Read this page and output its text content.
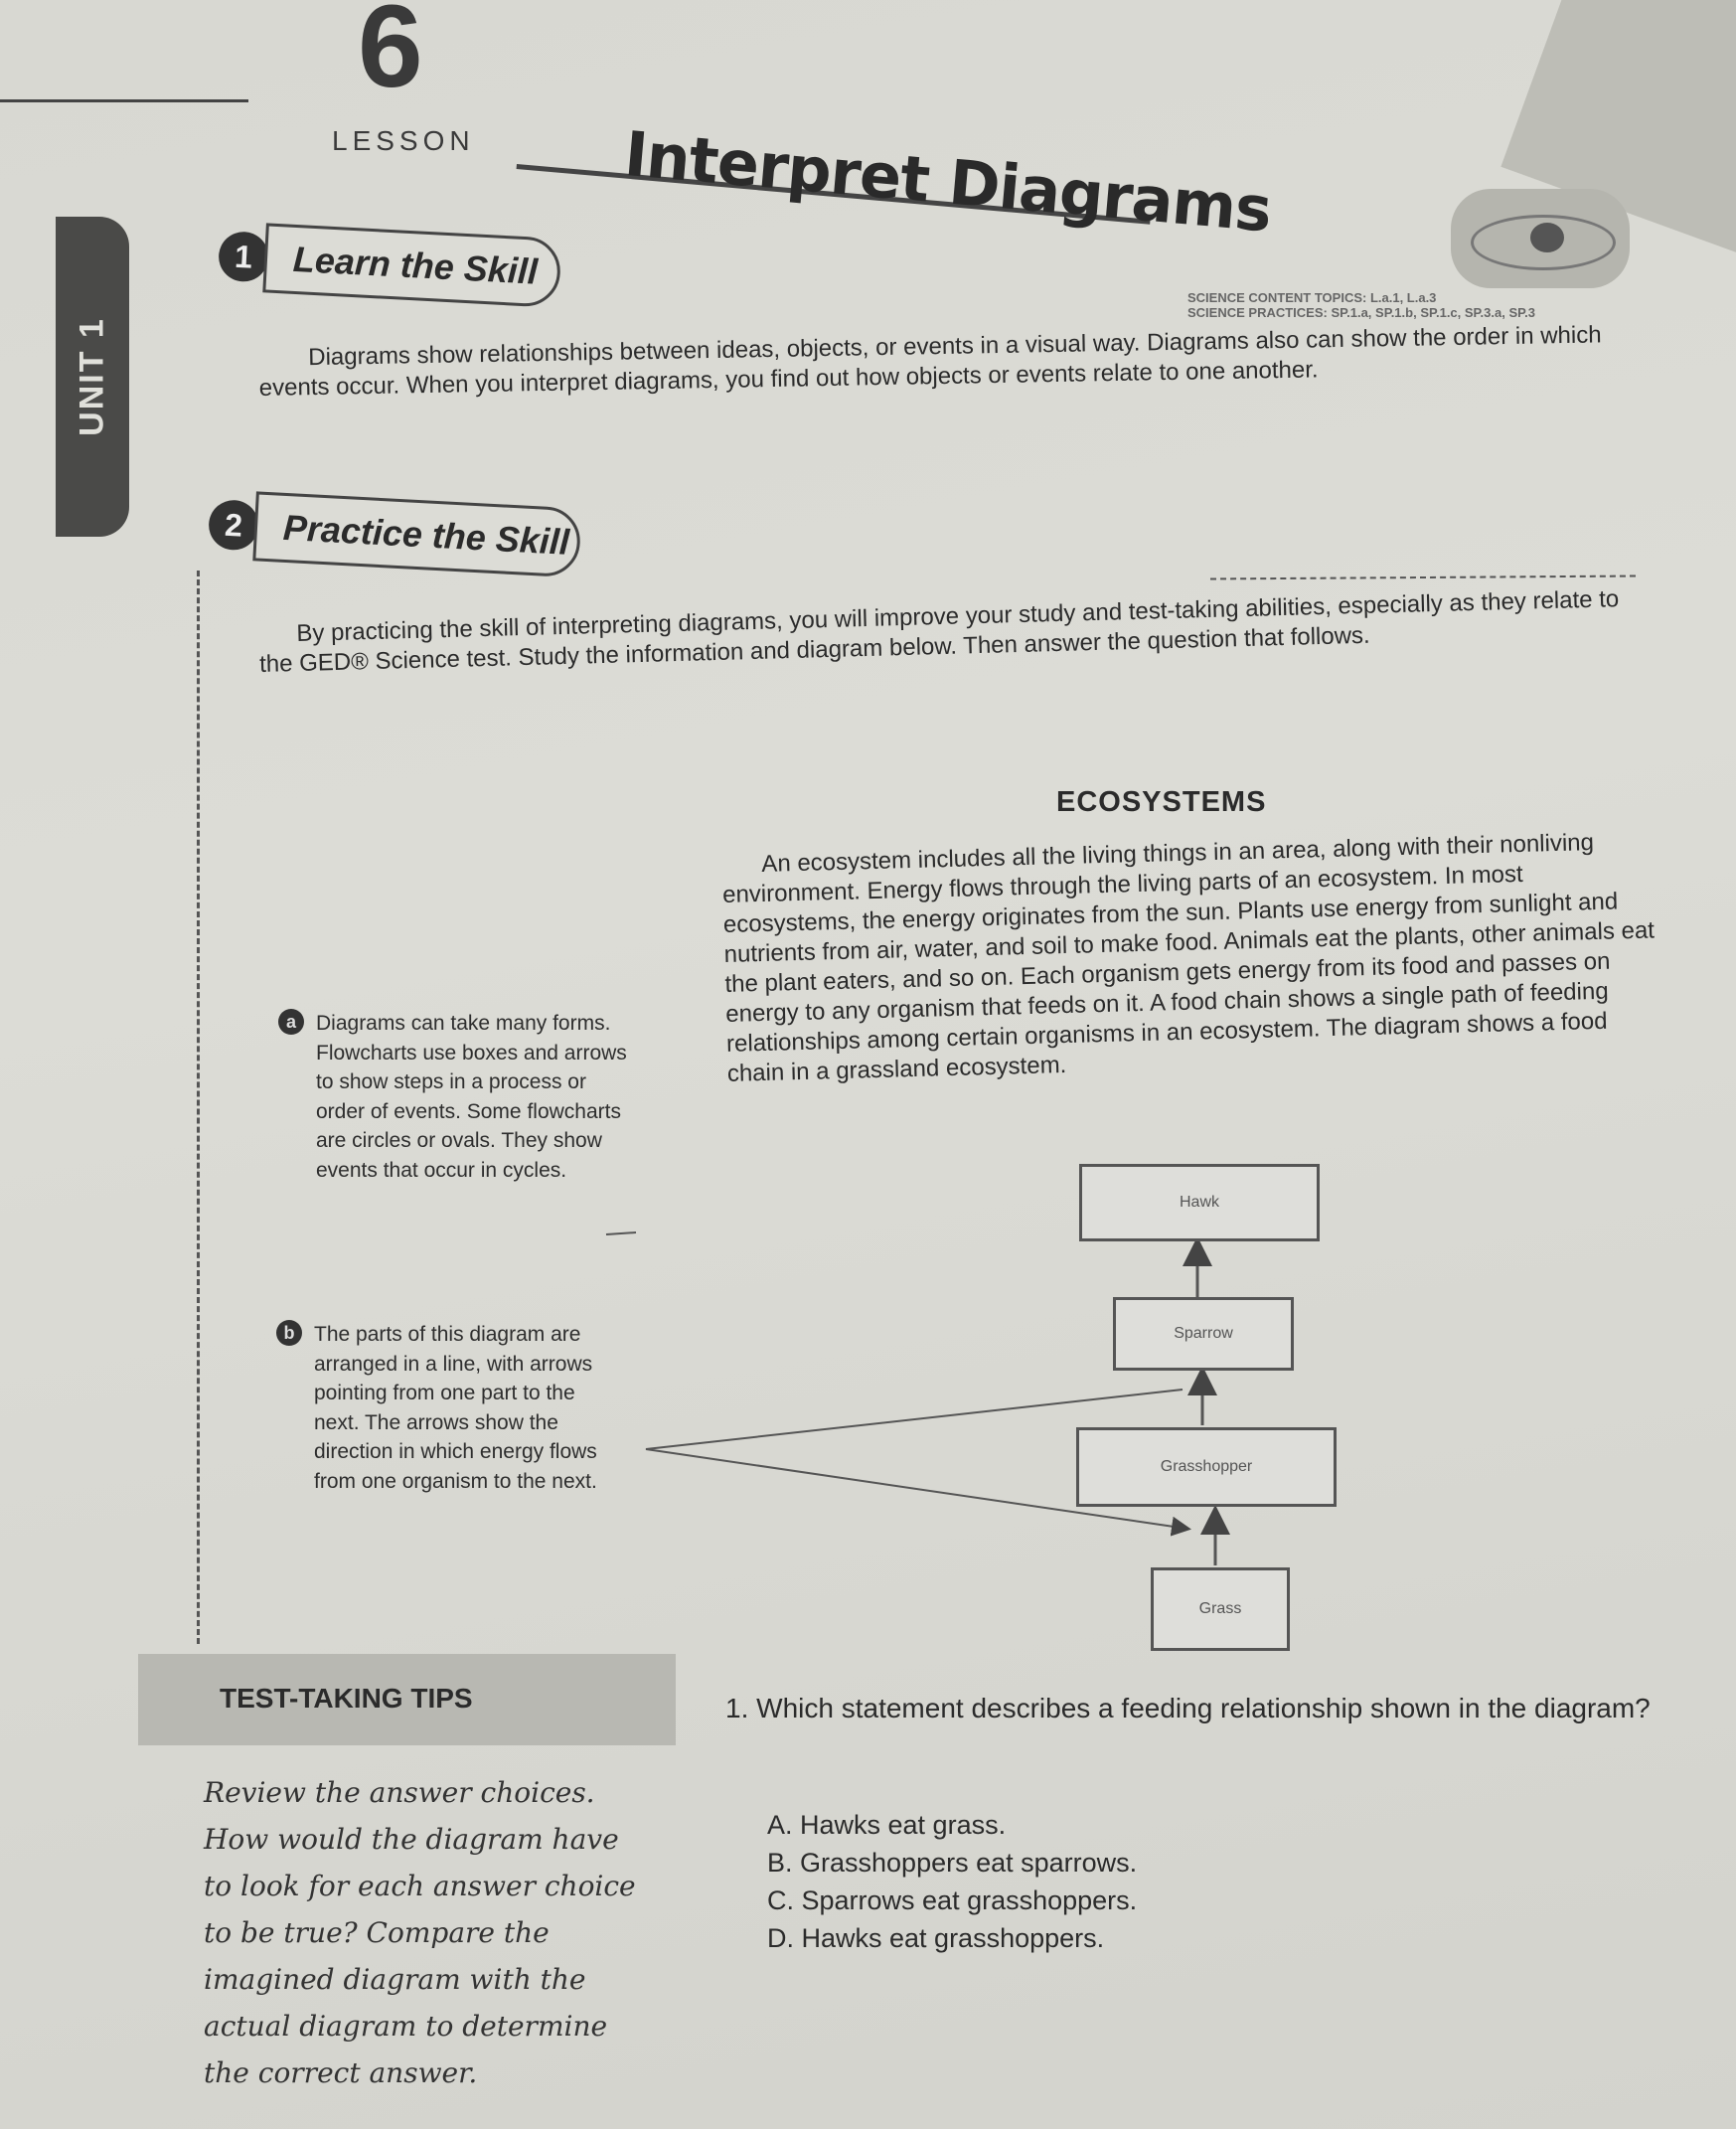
6
LESSON Interpret Diagrams
UNIT 1
SCIENCE CONTENT TOPICS: L.a.1, L.a.3
SCIENCE PRACTICES: SP.1.a, SP.1.b, SP.1.c, SP.3.a, SP.3
1	Learn the Skill
Diagrams show relationships between ideas, objects, or events in a visual way. Diagrams also can show the order in which events occur. When you interpret diagrams, you find out how objects or events relate to one another.
2	Practice the Skill
By practicing the skill of interpreting diagrams, you will improve your study and test-taking abilities, especially as they relate to the GED® Science test. Study the information and diagram below. Then answer the question that follows.
ECOSYSTEMS
An ecosystem includes all the living things in an area, along with their nonliving environment. Energy flows through the living parts of an ecosystem. In most ecosystems, the energy originates from the sun. Plants use energy from sunlight and nutrients from air, water, and soil to make food. Animals eat the plants, other animals eat the plant eaters, and so on. Each organism gets energy from its food and passes on energy to any organism that feeds on it. A food chain shows a single path of feeding relationships among certain organisms in an ecosystem. The diagram shows a food chain in a grassland ecosystem.
a Diagrams can take many forms. Flowcharts use boxes and arrows to show steps in a process or order of events. Some flowcharts are circles or ovals. They show events that occur in cycles.
b The parts of this diagram are arranged in a line, with arrows pointing from one part to the next. The arrows show the direction in which energy flows from one organism to the next.
Hawk
Sparrow
Grasshopper
Grass
TEST-TAKING TIPS
Review the answer choices. How would the diagram have to look for each answer choice to be true? Compare the imagined diagram with the actual diagram to determine the correct answer.
1. Which statement describes a feeding relationship shown in the diagram?
A. Hawks eat grass.
B. Grasshoppers eat sparrows.
C. Sparrows eat grasshoppers.
D. Hawks eat grasshoppers.
